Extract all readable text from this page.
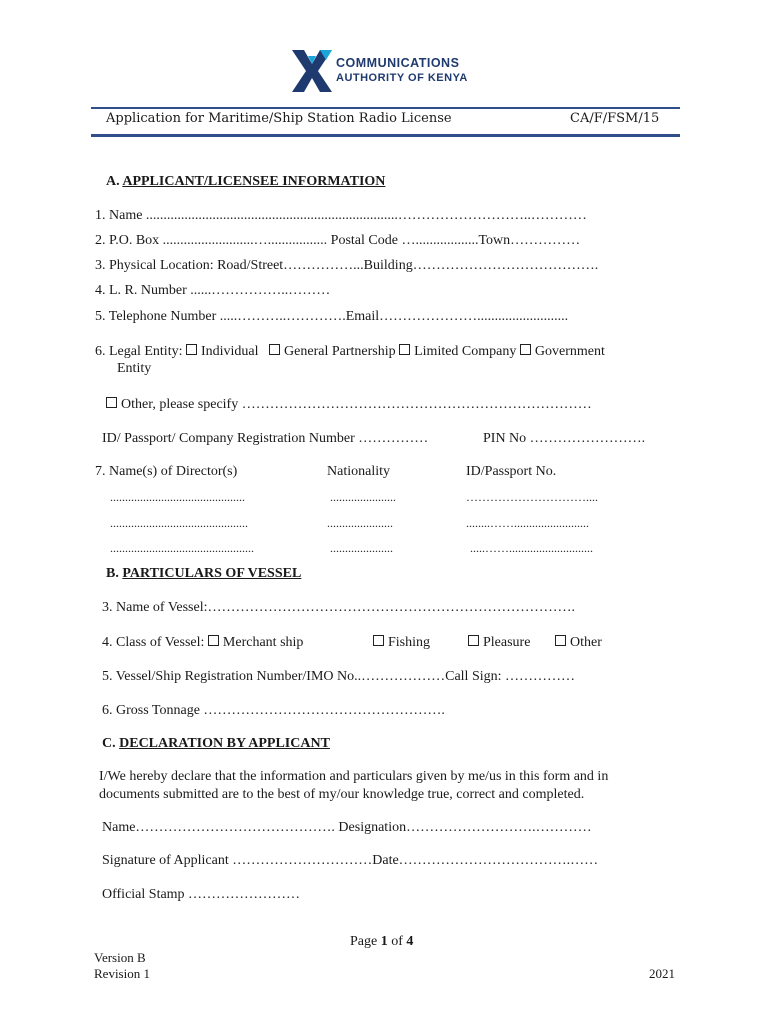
COMMUNICATIONS
AUTHORITY OF KENYA
Application for Maritime/Ship Station Radio License	CA/F/FSM/15
A. APPLICANT/LICENSEE INFORMATION
1. Name ........................................................................………………………..…………
2. P.O. Box ..........................…................. Postal Code …..................Town……………
3. Physical Location: Road/Street……………...Building………………………………….
4. L. R. Number ......……………..………
5. Telephone Number .....………..………….Email…………………..........................
6. Legal Entity: Individual General Partnership Limited Company Government
Entity
Other, please specify …………………………………………………………………
ID/ Passport/ Company Registration Number ……………	PIN No …………………….
7. Name(s) of Director(s)	Nationality	ID/Passport No.
.............................................	......................	…………………………....
..............................................	......................	........…….........................
................................................	.....................	.....……............................
B. PARTICULARS OF VESSEL
3. Name of Vessel:…………………………………………………………………….
4. Class of Vessel: Merchant ship	Fishing	Pleasure	Other
5. Vessel/Ship Registration Number/IMO No..………………Call Sign: ……………
6. Gross Tonnage …………………………………………….
C. DECLARATION BY APPLICANT
I/We hereby declare that the information and particulars given by me/us in this form and in
documents submitted are to the best of my/our knowledge true, correct and completed.
Name……………………………………. Designation……………………….…………
Signature of Applicant …………………………Date……………………………….……
Official Stamp ……………………
Page 1 of 4
Version B
Revision 1	2021
